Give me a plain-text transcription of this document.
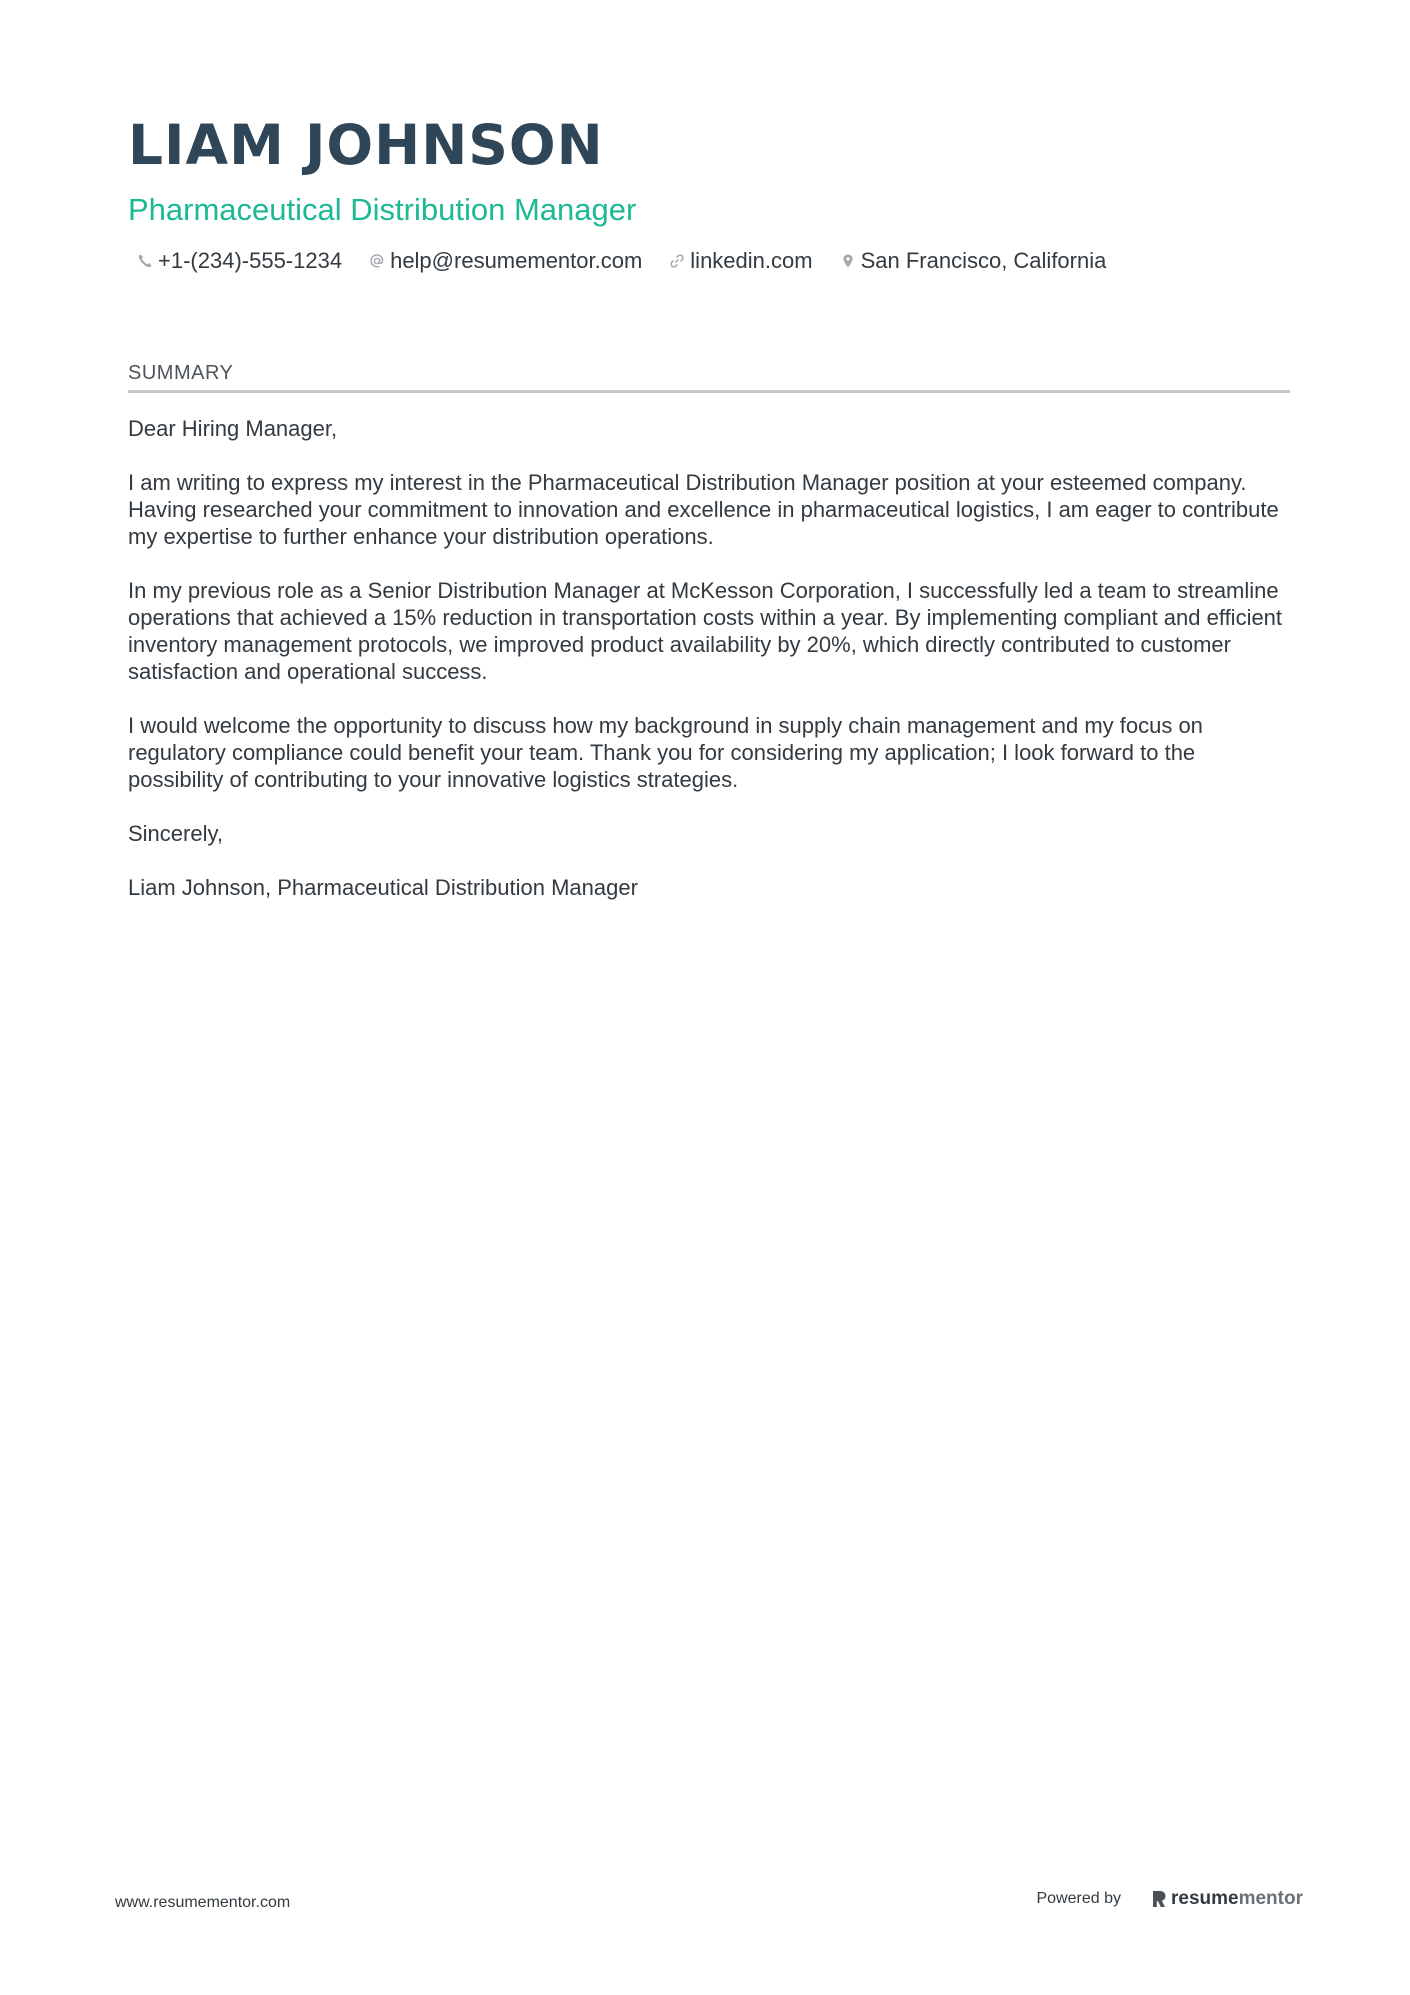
LIAM JOHNSON
Pharmaceutical Distribution Manager
+1-(234)-555-1234 help@resumementor.com linkedin.com San Francisco, California
SUMMARY

Dear Hiring Manager,

I am writing to express my interest in the Pharmaceutical Distribution Manager position at your esteemed company. Having researched your commitment to innovation and excellence in pharmaceutical logistics, I am eager to contribute my expertise to further enhance your distribution operations.

In my previous role as a Senior Distribution Manager at McKesson Corporation, I successfully led a team to streamline operations that achieved a 15% reduction in transportation costs within a year. By implementing compliant and efficient inventory management protocols, we improved product availability by 20%, which directly contributed to customer satisfaction and operational success.

I would welcome the opportunity to discuss how my background in supply chain management and my focus on regulatory compliance could benefit your team. Thank you for considering my application; I look forward to the possibility of contributing to your innovative logistics strategies.

Sincerely,

Liam Johnson, Pharmaceutical Distribution Manager

www.resumementor.com	Powered by	resume mentor
